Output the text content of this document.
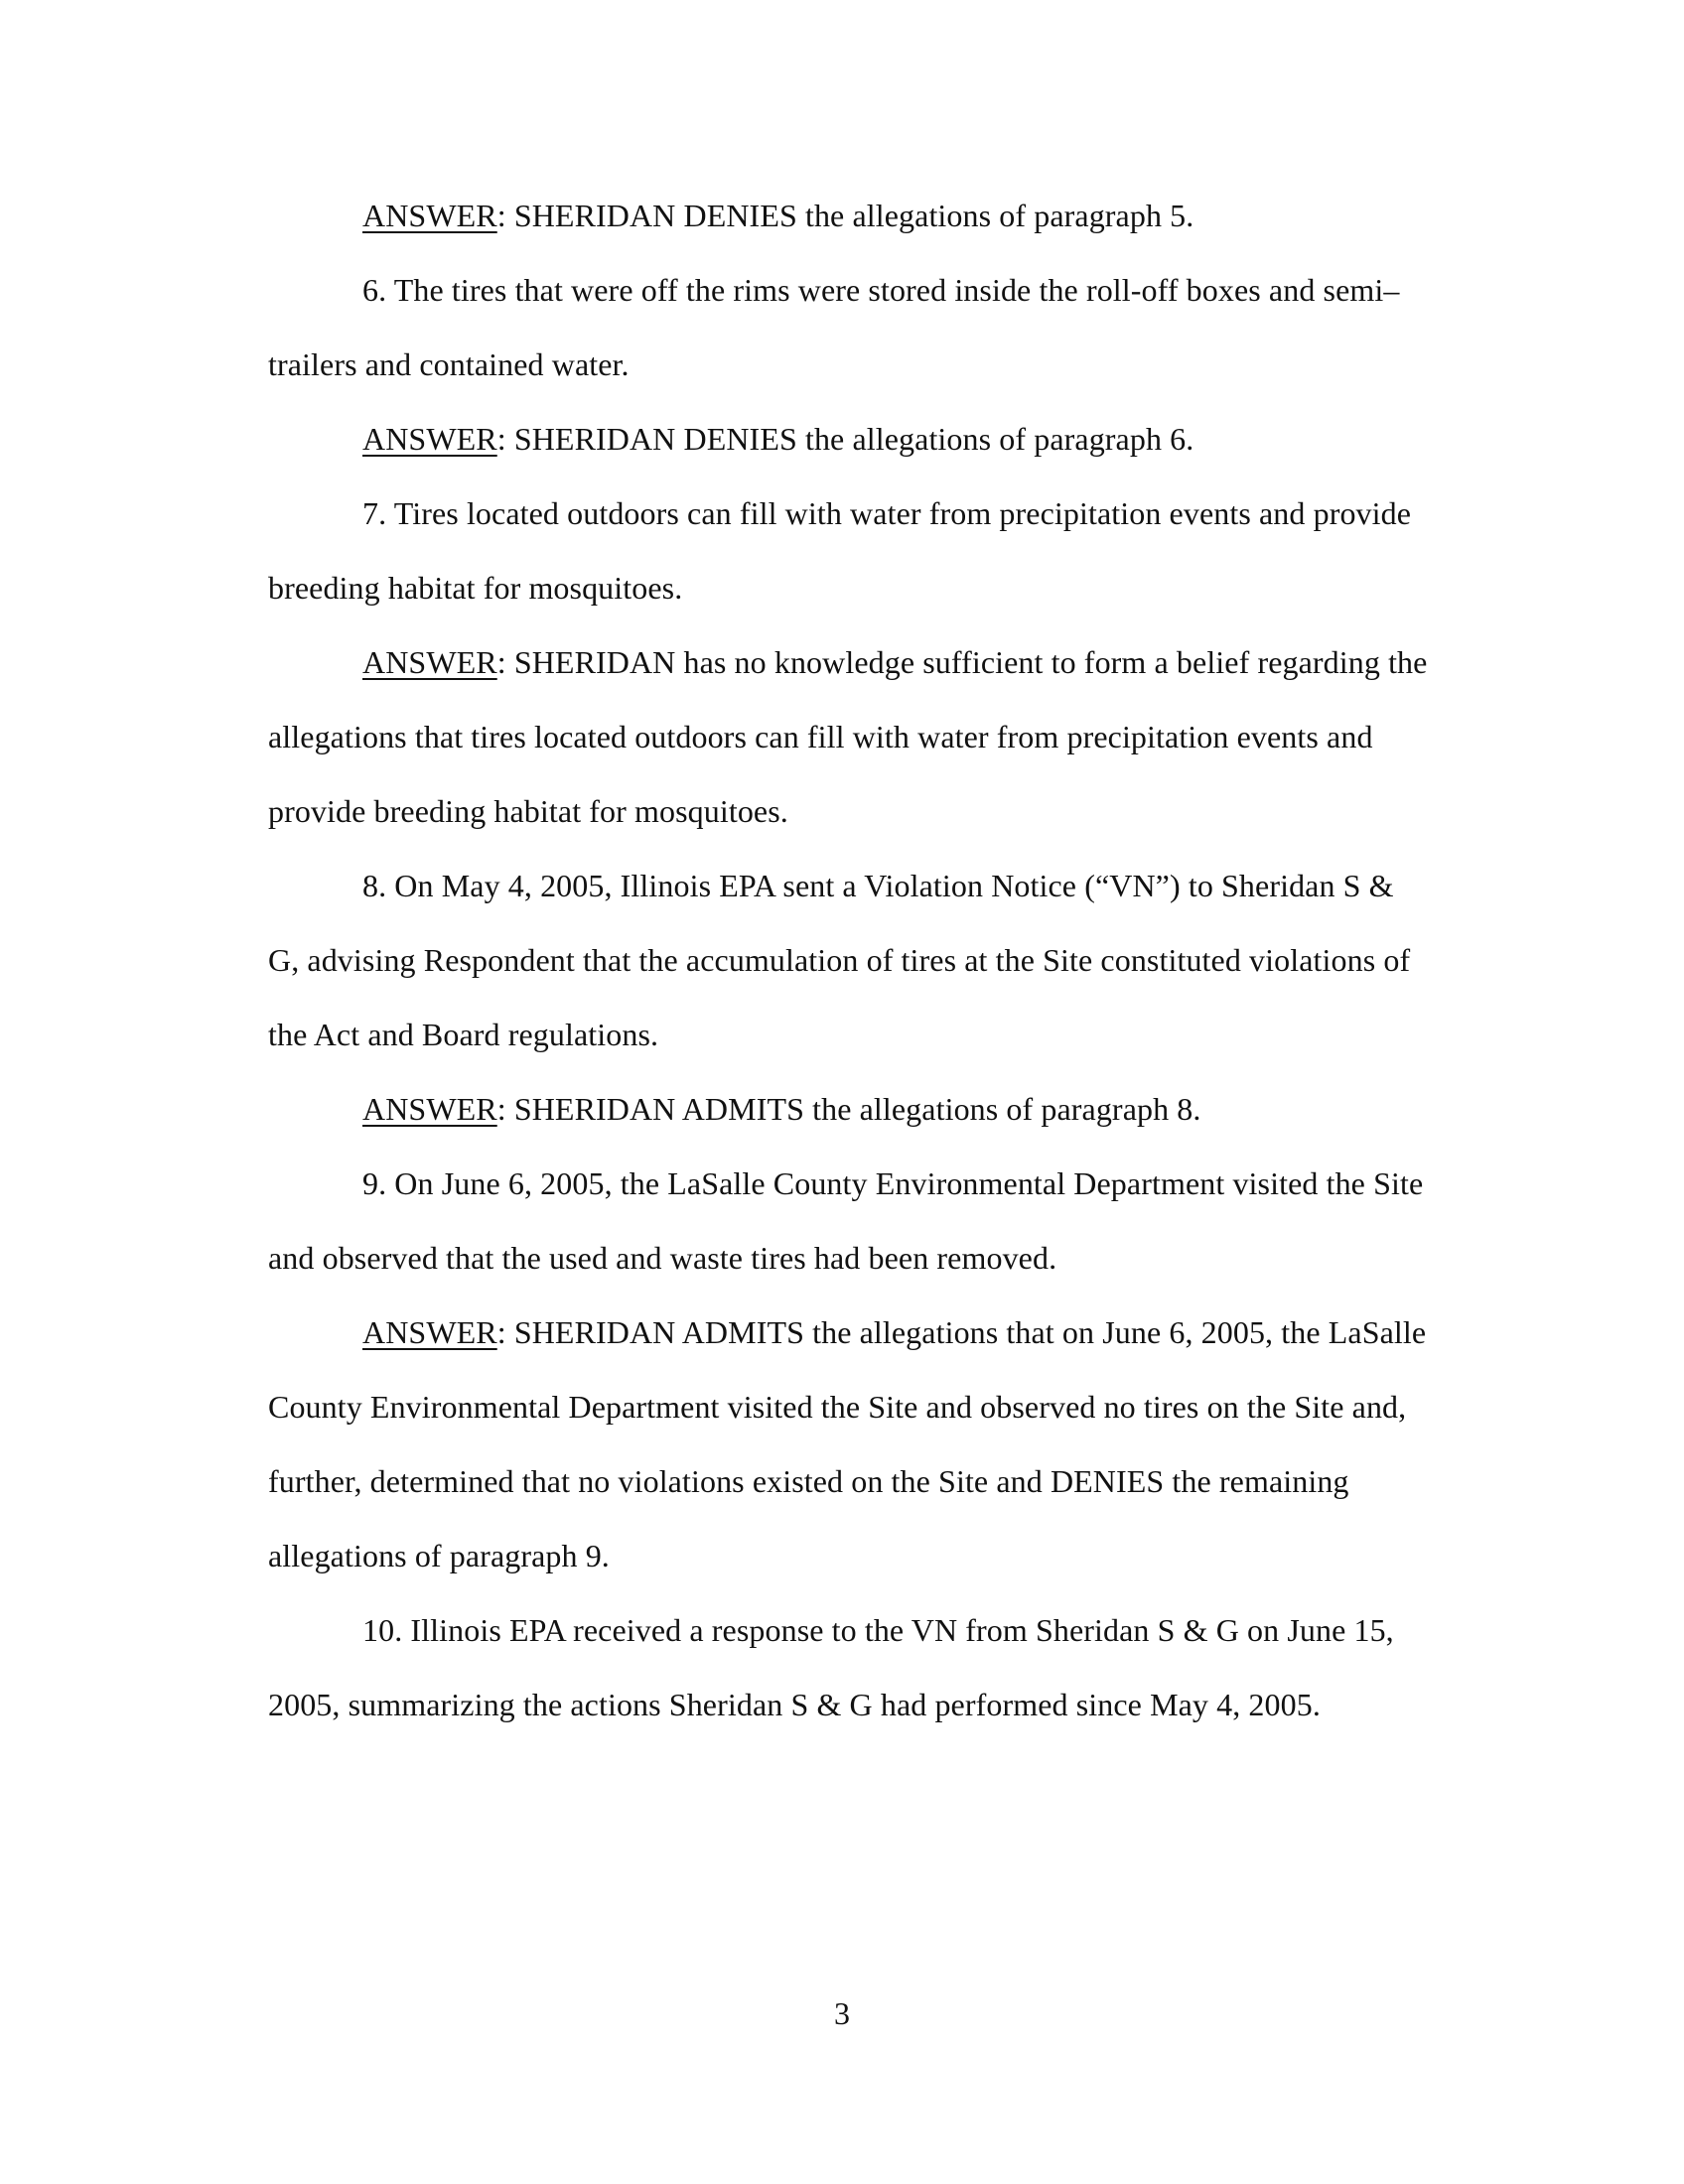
ANSWER: SHERIDAN DENIES the allegations of paragraph 5.

6. The tires that were off the rims were stored inside the roll-off boxes and semi–trailers and contained water.

ANSWER: SHERIDAN DENIES the allegations of paragraph 6.

7. Tires located outdoors can fill with water from precipitation events and provide breeding habitat for mosquitoes.

ANSWER: SHERIDAN has no knowledge sufficient to form a belief regarding the allegations that tires located outdoors can fill with water from precipitation events and provide breeding habitat for mosquitoes.

8. On May 4, 2005, Illinois EPA sent a Violation Notice (“VN”) to Sheridan S & G, advising Respondent that the accumulation of tires at the Site constituted violations of the Act and Board regulations.

ANSWER: SHERIDAN ADMITS the allegations of paragraph 8.

9. On June 6, 2005, the LaSalle County Environmental Department visited the Site and observed that the used and waste tires had been removed.

ANSWER: SHERIDAN ADMITS the allegations that on June 6, 2005, the LaSalle County Environmental Department visited the Site and observed no tires on the Site and, further, determined that no violations existed on the Site and DENIES the remaining allegations of paragraph 9.

10. Illinois EPA received a response to the VN from Sheridan S & G on June 15, 2005, summarizing the actions Sheridan S & G had performed since May 4, 2005.

3
